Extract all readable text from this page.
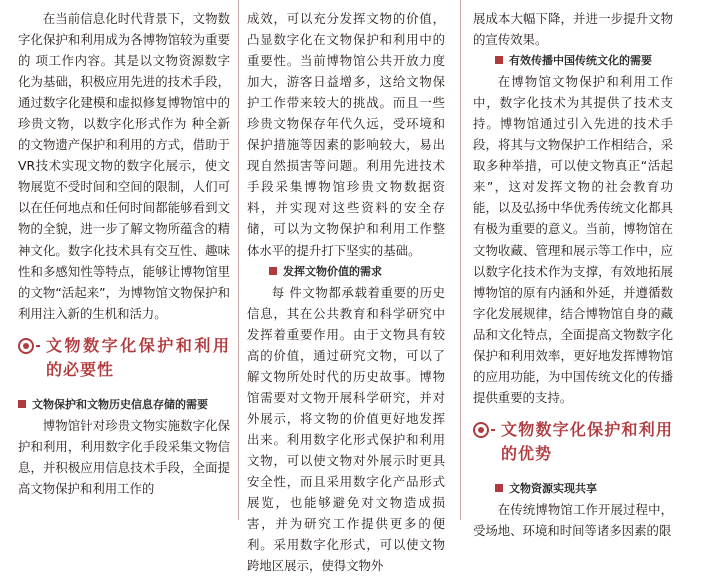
在当前信息化时代背景下，文物数字化保护和利用成为各博物馆较为重要的 项工作内容。其是以文物资源数字化为基础，积极应用先进的技术手段，通过数字化建模和虚拟修复博物馆中的珍贵文物，以数字化形式作为 种全新的文物遗产保护和利用的方式，借助于VR技术实现文物的数字化展示，使文物展览不受时间和空间的限制，人们可以在任何地点和任何时间都能够看到文物的全貌，进一步了解文物所蕴含的精神文化。数字化技术具有交互性、趣味性和多感知性等特点，能够让博物馆里的文物“活起来”，为博物馆文物保护和利用注入新的生机和活力。

文物数字化保护和利用的必要性

文物保护和文物历史信息存储的需要

博物馆针对珍贵文物实施数字化保护和利用，利用数字化手段采集文物信息，并积极应用信息技术手段，全面提高文物保护和利用工作的

成效，可以充分发挥文物的价值，凸显数字化在文物保护和利用中的重要性。当前博物馆公共开放力度加大，游客日益增多，这给文物保护工作带来较大的挑战。而且一些珍贵文物保存年代久远，受环境和保护措施等因素的影响较大，易出现自然损害等问题。利用先进技术手段采集博物馆珍贵文物数据资料，并实现对这些资料的安全存储，可以为文物保护和利用工作整体水平的提升打下坚实的基础。

发挥文物价值的需求

每 件文物都承载着重要的历史信息，其在公共教育和科学研究中发挥着重要作用。由于文物具有较高的价值，通过研究文物，可以了解文物所处时代的历史故事。博物馆需要对文物开展科学研究，并对外展示，将文物的价值更好地发挥出来。利用数字化形式保护和利用文物，可以使文物对外展示时更具安全性，而且采用数字化产品形式展览，也能够避免对文物造成损害，并为研究工作提供更多的便利。采用数字化形式，可以使文物跨地区展示，使得文物外

展成本大幅下降，并进一步提升文物的宣传效果。

有效传播中国传统文化的需要

在博物馆文物保护和利用工作中，数字化技术为其提供了技术支持。博物馆通过引入先进的技术手段，将其与文物保护工作相结合，采取多种举措，可以使文物真正“活起来”，这对发挥文物的社会教育功能，以及弘扬中华优秀传统文化都具有极为重要的意义。当前，博物馆在文物收藏、管理和展示等工作中，应以数字化技术作为支撑，有效地拓展博物馆的原有内涵和外延，并遵循数字化发展规律，结合博物馆自身的藏品和文化特点，全面提高文物数字化保护和利用效率，更好地发挥博物馆的应用功能，为中国传统文化的传播提供重要的支持。

文物数字化保护和利用的优势

文物资源实现共享

在传统博物馆工作开展过程中，受场地、环境和时间等诸多因素的限
